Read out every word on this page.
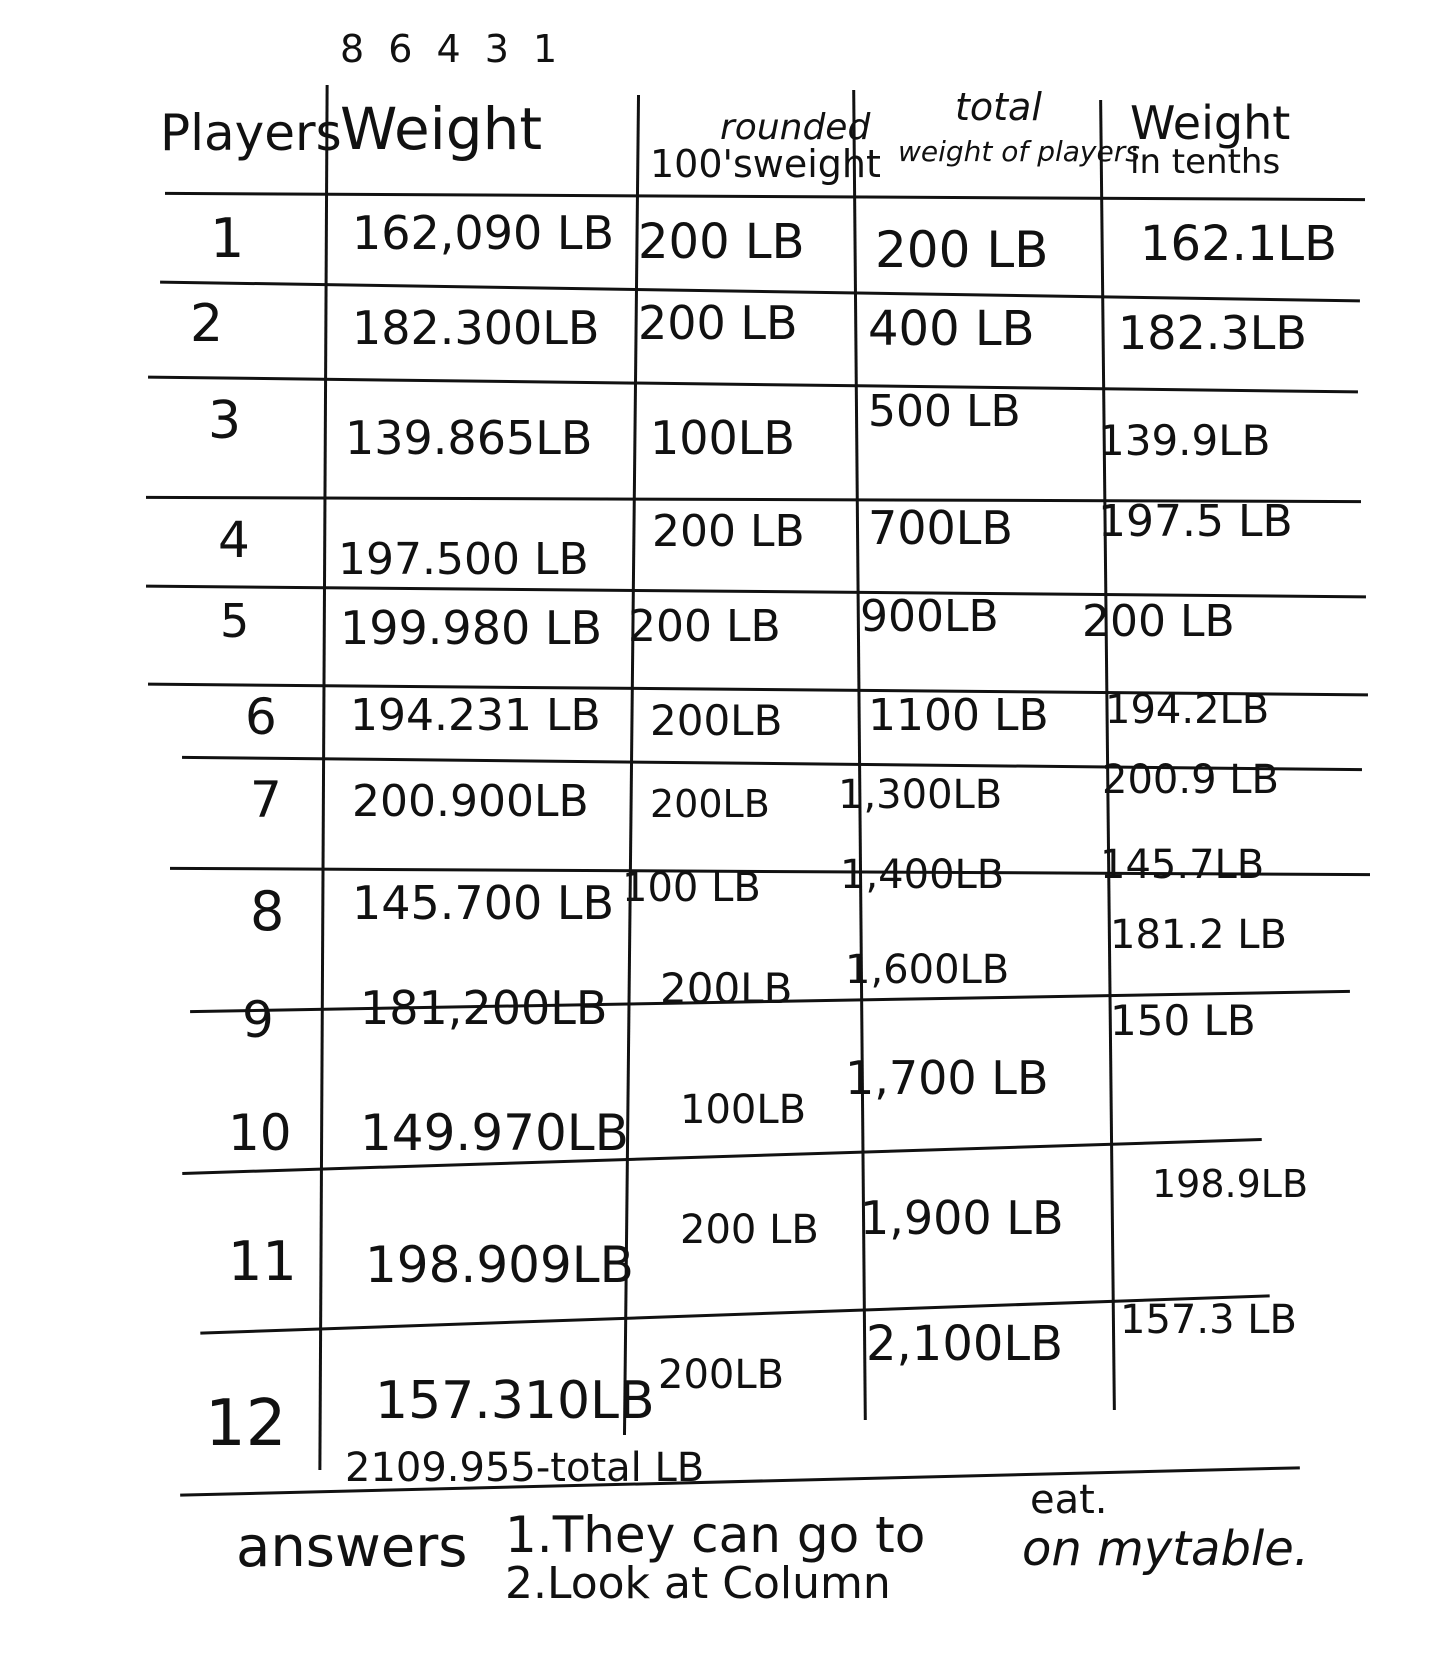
8 6 4 3 1
Players
Weight	rounded
100'sweight
total
weight of players
Weight
in tenths
1 162,090 LB 200 LB 200 LB 162.1LB
2	182.300LB 200 LB 400 LB 182.3LB
3 139.865LB 100LB 500 LB
139.9LB
4 197.500 LB
200 LB 700LB 197.5 LB
5 199.980 LB 200 LB 900LB 200 LB
6 194.231 LB 200LB 1100 LB 194.2LB
7 200.900LB 200LB 1,300LB 200.9 LB
8 145.700 LB 100 LB 1,400LB 145.7LB
9 181,200LB 200LB 1,600LB
181.2 LB
10 149.970LB 100LB
1,700 LB
150 LB
11 198.909LB
200 LB 1,900 LB
198.9LB
12 157.310LB 200LB
2,100LB 157.3 LB
2109.955-total LB
answers 1.They can go to
eat.
on mytable.
2.Look at Column
